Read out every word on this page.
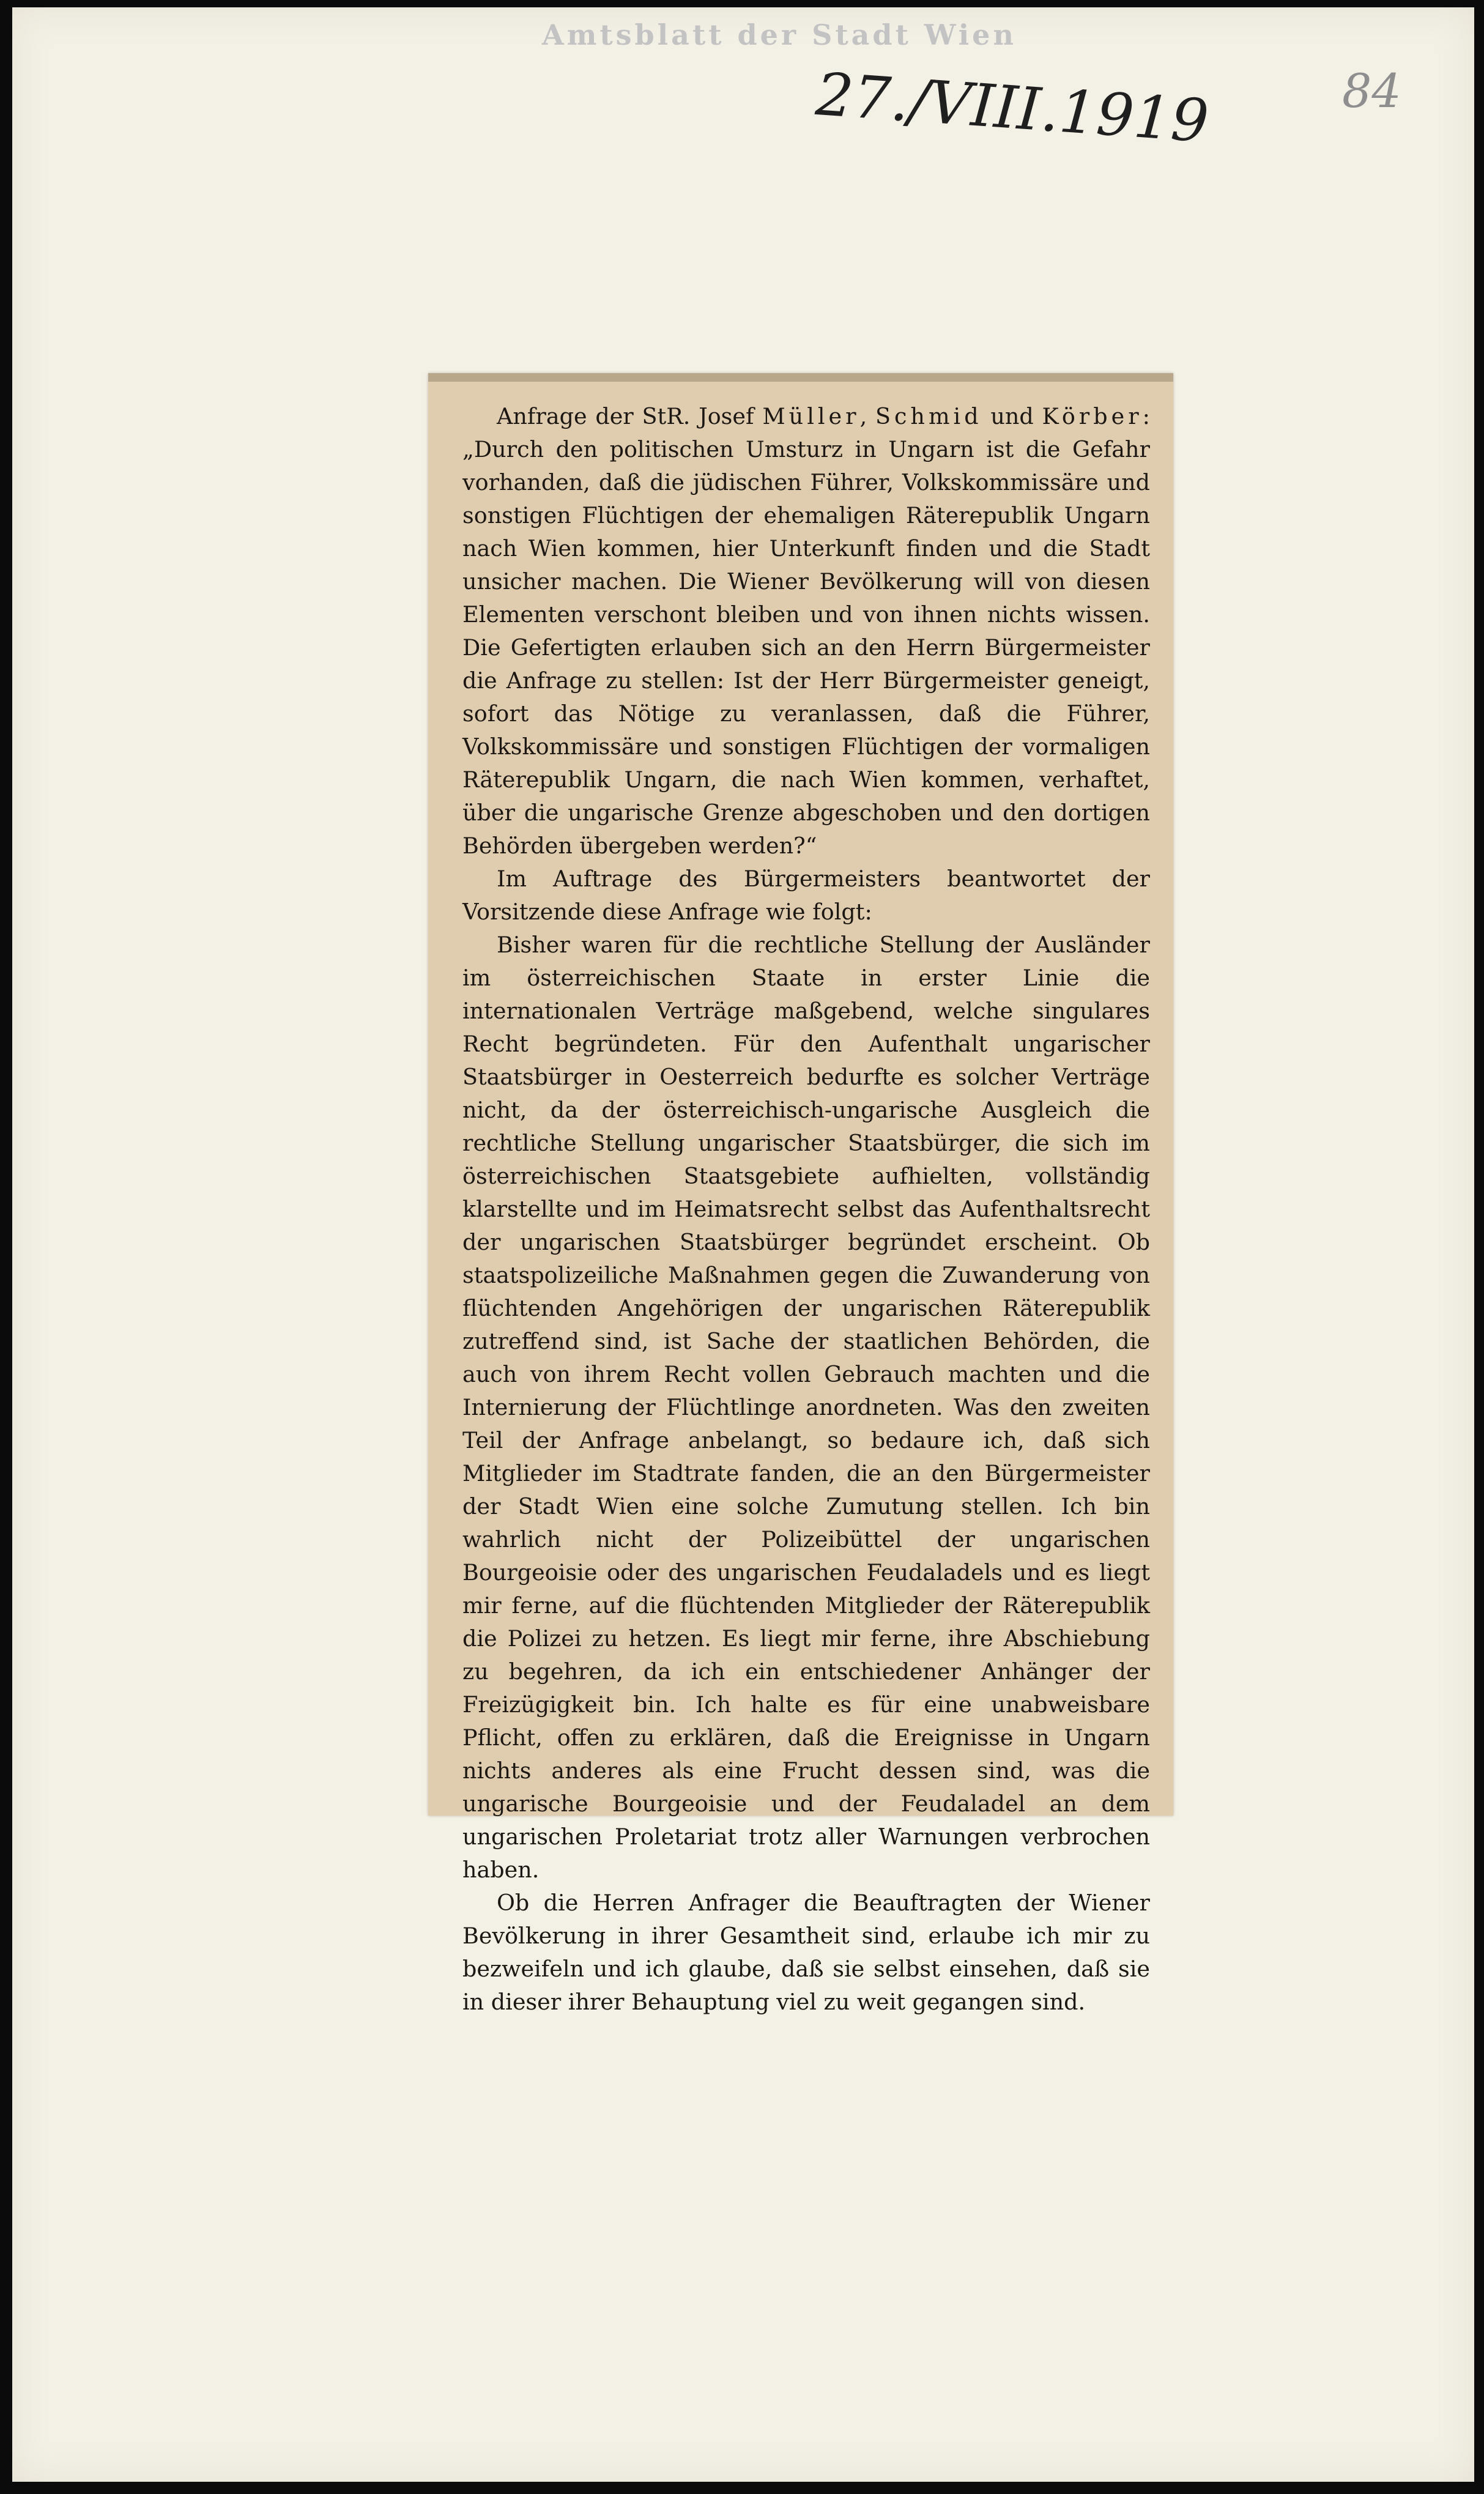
Amtsblatt der Stadt Wien
27./VIII.1919	84

Anfrage der StR. Josef Müller, Schmid und Körber: „Durch den politischen Umsturz in Ungarn ist die Gefahr vorhanden, daß die jüdischen Führer, Volkskommissäre und sonstigen Flüchtigen der ehemaligen Räterepublik Ungarn nach Wien kommen, hier Unterkunft finden und die Stadt unsicher machen. Die Wiener Bevölkerung will von diesen Elementen verschont bleiben und von ihnen nichts wissen. Die Gefertigten erlauben sich an den Herrn Bürgermeister die Anfrage zu stellen: Ist der Herr Bürgermeister geneigt, sofort das Nötige zu veranlassen, daß die Führer, Volkskommissäre und sonstigen Flüchtigen der vormaligen Räterepublik Ungarn, die nach Wien kommen, verhaftet, über die ungarische Grenze abgeschoben und den dortigen Behörden übergeben werden?“

Im Auftrage des Bürgermeisters beantwortet der Vorsitzende diese Anfrage wie folgt:

Bisher waren für die rechtliche Stellung der Ausländer im österreichischen Staate in erster Linie die internationalen Verträge maßgebend, welche singulares Recht begründeten. Für den Aufenthalt ungarischer Staatsbürger in Oesterreich bedurfte es solcher Verträge nicht, da der österreichisch-ungarische Ausgleich die rechtliche Stellung ungarischer Staatsbürger, die sich im österreichischen Staatsgebiete aufhielten, vollständig klarstellte und im Heimatsrecht selbst das Aufenthaltsrecht der ungarischen Staatsbürger begründet erscheint. Ob staatspolizeiliche Maßnahmen gegen die Zuwanderung von flüchtenden Angehörigen der ungarischen Räterepublik zutreffend sind, ist Sache der staatlichen Behörden, die auch von ihrem Recht vollen Gebrauch machten und die Internierung der Flüchtlinge anordneten. Was den zweiten Teil der Anfrage anbelangt, so bedaure ich, daß sich Mitglieder im Stadtrate fanden, die an den Bürgermeister der Stadt Wien eine solche Zumutung stellen. Ich bin wahrlich nicht der Polizeibüttel der ungarischen Bourgeoisie oder des ungarischen Feudaladels und es liegt mir ferne, auf die flüchtenden Mitglieder der Räterepublik die Polizei zu hetzen. Es liegt mir ferne, ihre Abschiebung zu begehren, da ich ein entschiedener Anhänger der Freizügigkeit bin. Ich halte es für eine unabweisbare Pflicht, offen zu erklären, daß die Ereignisse in Ungarn nichts anderes als eine Frucht dessen sind, was die ungarische Bourgeoisie und der Feudaladel an dem ungarischen Proletariat trotz aller Warnungen verbrochen haben.

Ob die Herren Anfrager die Beauftragten der Wiener Bevölkerung in ihrer Gesamtheit sind, erlaube ich mir zu bezweifeln und ich glaube, daß sie selbst einsehen, daß sie in dieser ihrer Behauptung viel zu weit gegangen sind.
